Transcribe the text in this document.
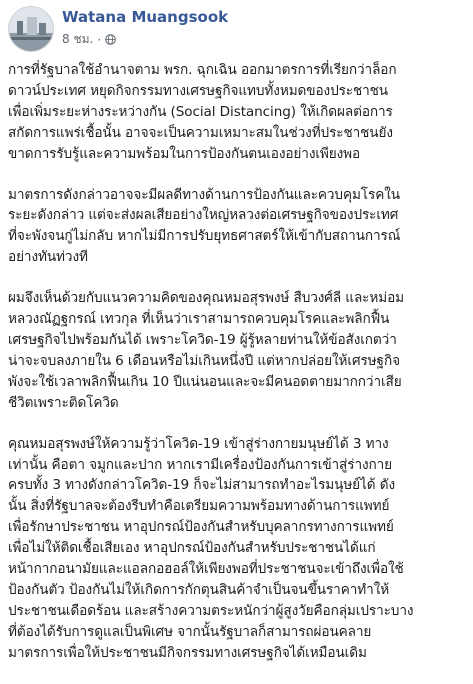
Watana Muangsook
8 ชม. ·

การที่รัฐบาลใช้อำนาจตาม พรก. ฉุกเฉิน ออกมาตรการที่เรียกว่าล็อก
ดาวน์ประเทศ หยุดกิจกรรมทางเศรษฐกิจแทบทั้งหมดของประชาชน
เพื่อเพิ่มระยะห่างระหว่างกัน (Social Distancing) ให้เกิดผลต่อการ
สกัดการแพร่เชื้อนั้น อาจจะเป็นความเหมาะสมในช่วงที่ประชาชนยัง
ขาดการรับรู้และความพร้อมในการป้องกันตนเองอย่างเพียงพอ

มาตรการดังกล่าวอาจจะมีผลดีทางด้านการป้องกันและควบคุมโรคใน
ระยะดังกล่าว แต่จะส่งผลเสียอย่างใหญ่หลวงต่อเศรษฐกิจของประเทศ
ที่จะพังจนกู่ไม่กลับ หากไม่มีการปรับยุทธศาสตร์ให้เข้ากับสถานการณ์
อย่างทันท่วงที

ผมจึงเห็นด้วยกับแนวความคิดของคุณหมอสุรพงษ์ สืบวงศ์ลี และหม่อม
หลวงณัฏฐกรณ์ เทวกุล ที่เห็นว่าเราสามารถควบคุมโรคและพลิกฟื้น
เศรษฐกิจไปพร้อมกันได้ เพราะโควิด-19 ผู้รู้หลายท่านให้ข้อสังเกตว่า
น่าจะจบลงภายใน 6 เดือนหรือไม่เกินหนึ่งปี แต่หากปล่อยให้เศรษฐกิจ
พังจะใช้เวลาพลิกฟื้นเกิน 10 ปีแน่นอนและจะมีคนอดตายมากกว่าเสีย
ชีวิตเพราะติดโควิด

คุณหมอสุรพงษ์ให้ความรู้ว่าโควิด-19 เข้าสู่ร่างกายมนุษย์ได้ 3 ทาง
เท่านั้น คือตา จมูกและปาก หากเรามีเครื่องป้องกันการเข้าสู่ร่างกาย
ครบทั้ง 3 ทางดังกล่าวโควิด-19 ก็จะไม่สามารถทำอะไรมนุษย์ได้ ดัง
นั้น สิ่งที่รัฐบาลจะต้องรีบทำคือเตรียมความพร้อมทางด้านการแพทย์
เพื่อรักษาประชาชน หาอุปกรณ์ป้องกันสำหรับบุคลากรทางการแพทย์
เพื่อไม่ให้ติดเชื้อเสียเอง หาอุปกรณ์ป้องกันสำหรับประชาชนได้แก่
หน้ากากอนามัยและแอลกอฮอล์ให้เพียงพอที่ประชาชนจะเข้าถึงเพื่อใช้
ป้องกันตัว ป้องกันไม่ให้เกิดการกักตุนสินค้าจำเป็นจนขึ้นราคาทำให้
ประชาชนเดือดร้อน และสร้างความตระหนักว่าผู้สูงวัยคือกลุ่มเปราะบาง
ที่ต้องได้รับการดูแลเป็นพิเศษ จากนั้นรัฐบาลก็สามารถผ่อนคลาย
มาตรการเพื่อให้ประชาชนมีกิจกรรมทางเศรษฐกิจได้เหมือนเดิม
